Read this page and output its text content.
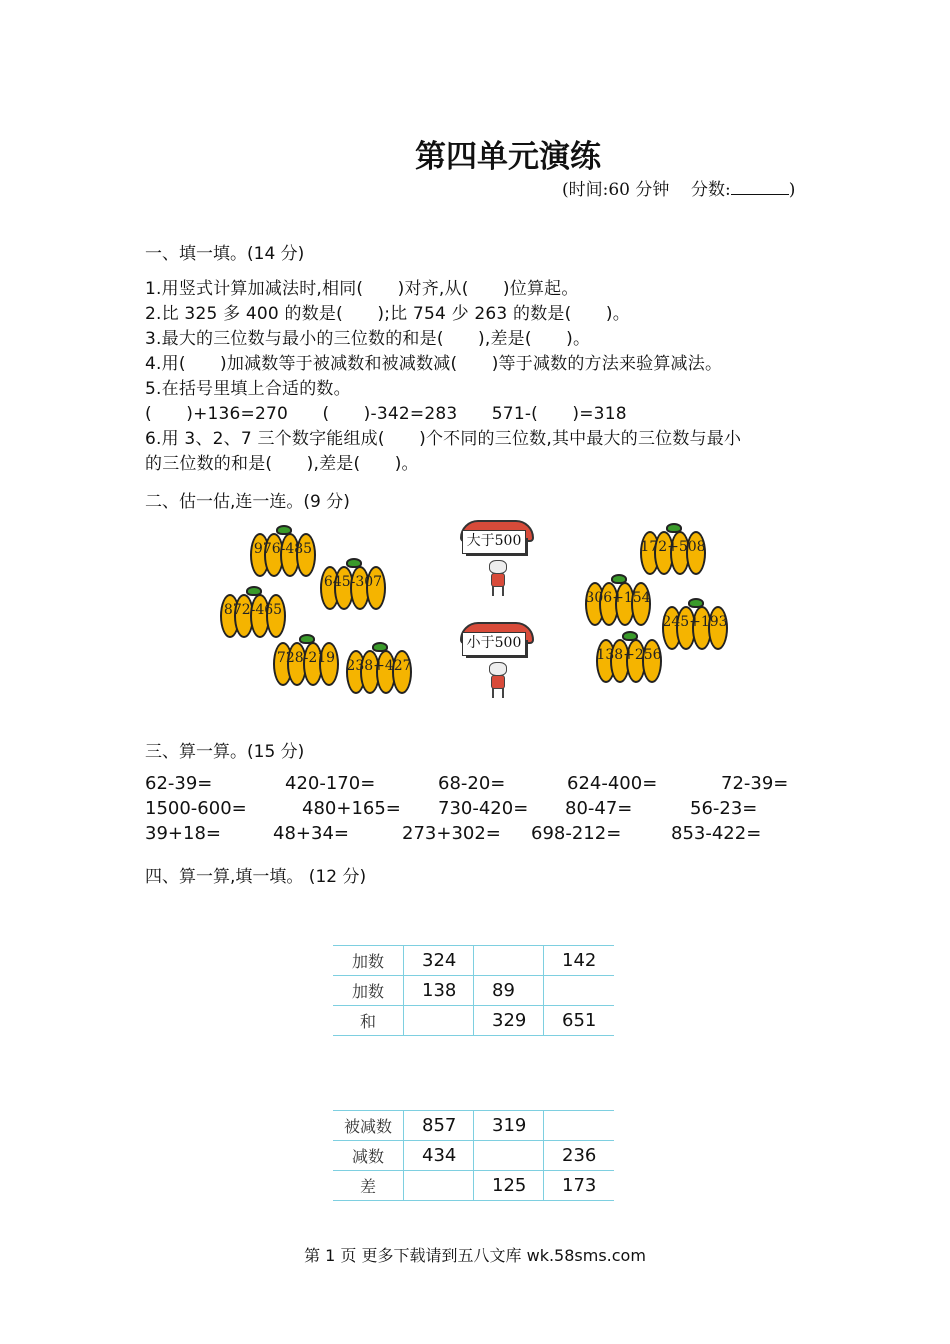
第四单元演练
(时间:60 分钟 分数:	)
一、填一填。(14 分)
1.用竖式计算加减法时,相同(　　)对齐,从(　　)位算起。
2.比 325 多 400 的数是(　　);比 754 少 263 的数是(　　)。
3.最大的三位数与最小的三位数的和是(　　),差是(　　)。
4.用(　　)加减数等于被减数和被减数减(　　)等于减数的方法来验算减法。
5.在括号里填上合适的数。
(　　)+136=270　　(　　)-342=283　　571-(　　)=318
6.用 3、2、7 三个数字能组成(　　)个不同的三位数,其中最大的三位数与最小
的三位数的和是(　　),差是(　　)。
二、估一估,连一连。(9 分)
976-485
645-307
872-465
728-219 238+427
172+508
306+154
245+193
138+256
大于500
小于500
三、算一算。(15 分)
62-39=	420-170=	68-20=	624-400=	72-39=
1500-600=	480+165= 730-420= 80-47=	56-23=
39+18=	48+34=	273+302= 698-212=	853-422=
四、算一算,填一填。 (12 分)
加数	324		142
加数	138	89	
和		329	651
被减数	857	319	
减数	434		236
差		125	173
第 1 页 更多下载请到五八文库 wk.58sms.com
